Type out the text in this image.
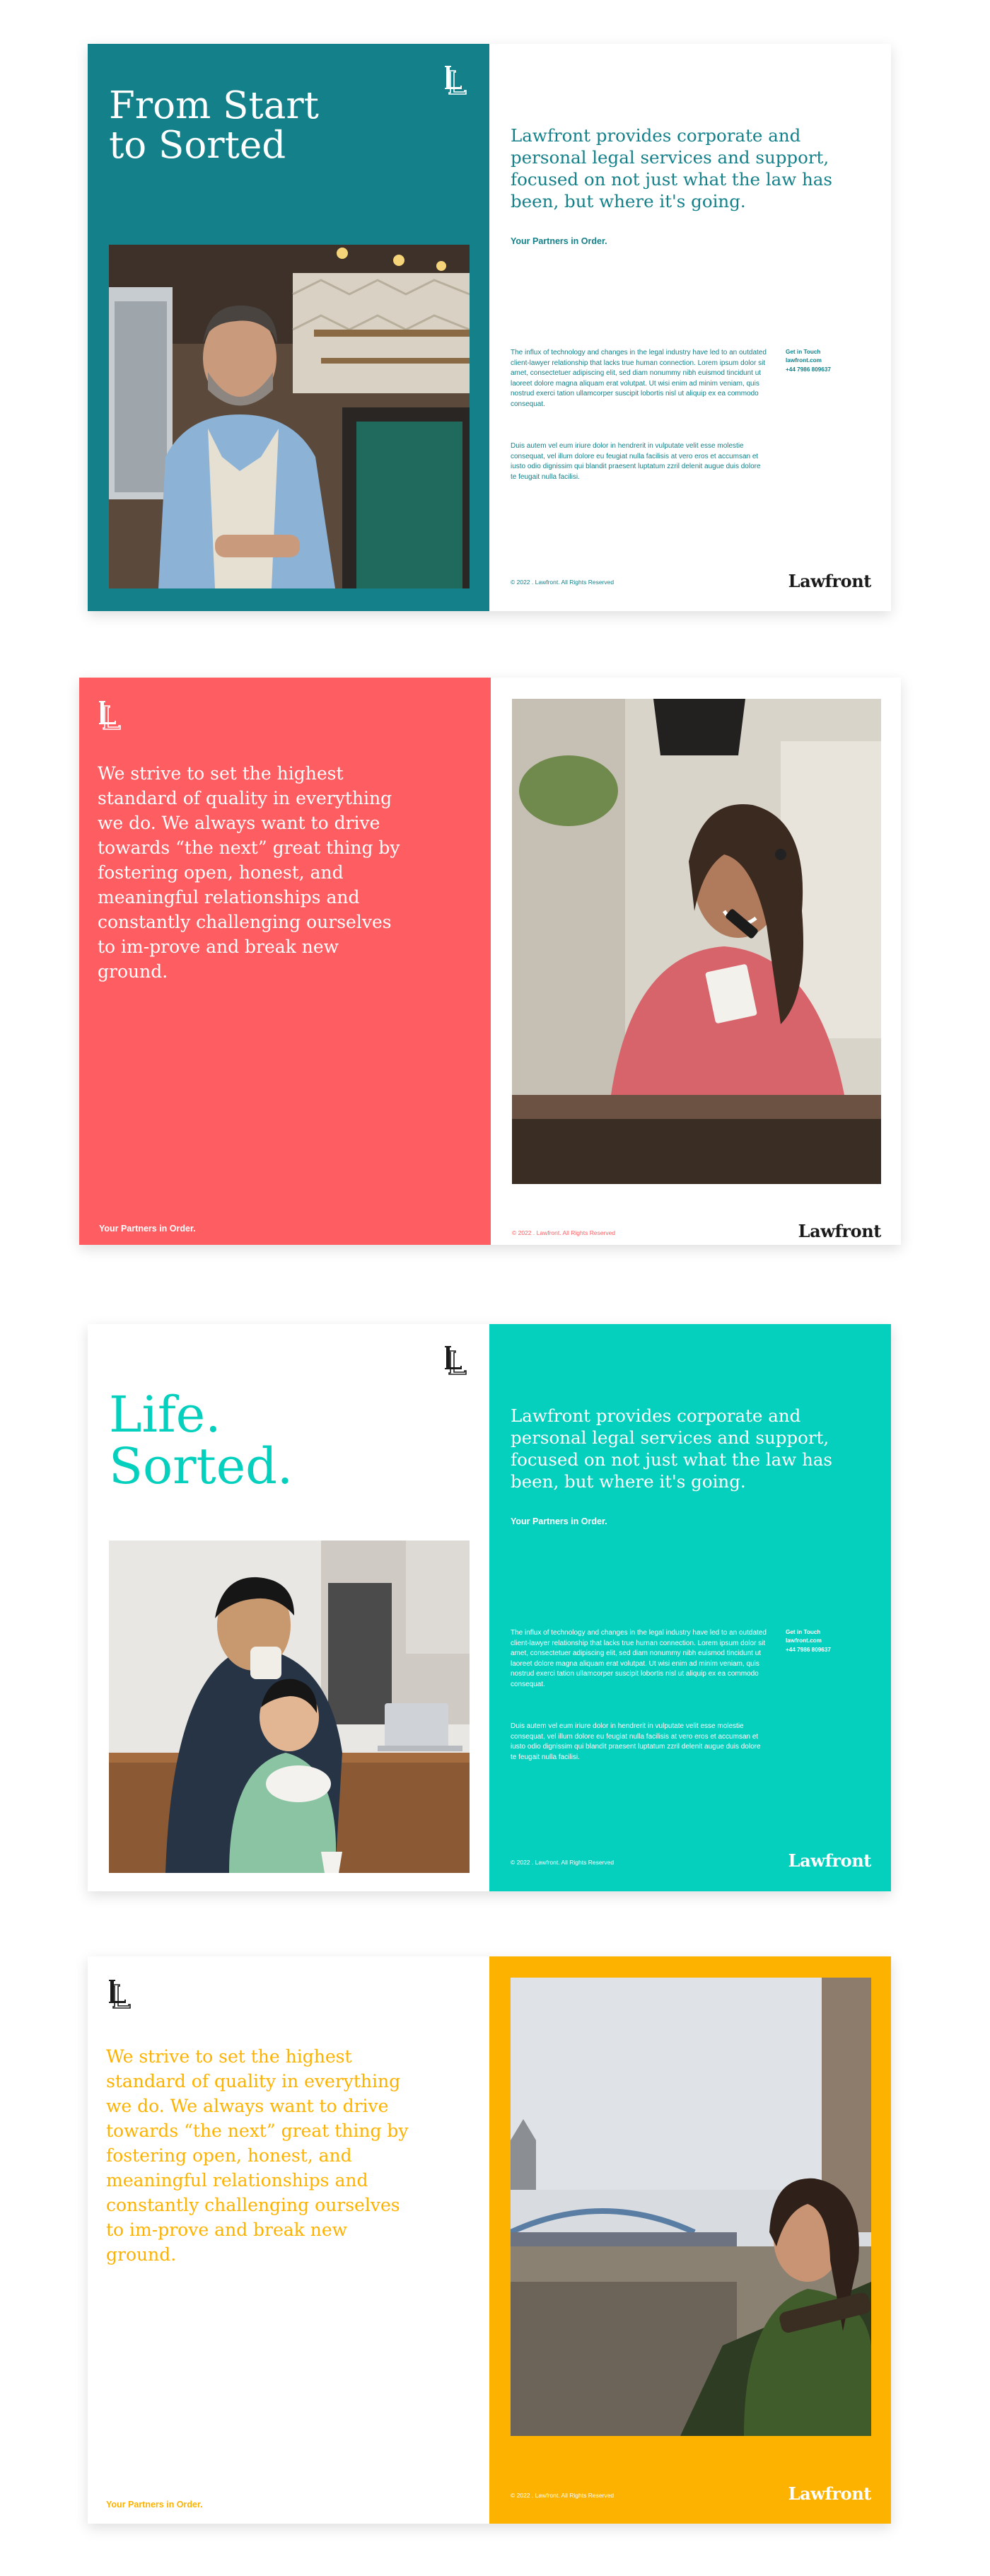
From Start to Sorted	Lawfront provides corporate and personal legal services and support, focused on not just what the law has been, but where it's going.

Your Partners in Order.

The influx of technology and changes in the legal industry have led to an outdated client-lawyer relationship that lacks true human connection. Lorem ipsum dolor sit amet, consectetuer adipiscing elit, sed diam nonummy nibh euismod tincidunt ut laoreet dolore magna aliquam erat volutpat. Ut wisi enim ad minim veniam, quis nostrud exerci tation ullamcorper suscipit lobortis nisl ut aliquip ex ea commodo consequat.

Duis autem vel eum iriure dolor in hendrerit in vulputate velit esse molestie consequat, vel illum dolore eu feugiat nulla facilisis at vero eros et accumsan et iusto odio dignissim qui blandit praesent luptatum zzril delenit augue duis dolore te feugait nulla facilisi.

Get in Touch
lawfront.com
+44 7986 809637
© 2022 . Lawfront. All Rights Reserved	Lawfront

We strive to set the highest standard of quality in everything we do. We always want to drive towards “the next” great thing by fostering open, honest, and meaningful relationships and constantly challenging ourselves to im-prove and break new ground.

Your Partners in Order.	© 2022 . Lawfront. All Rights Reserved	Lawfront
Life. Sorted.

Lawfront provides corporate and personal legal services and support, focused on not just what the law has been, but where it's going.

Your Partners in Order.

The influx of technology and changes in the legal industry have led to an outdated client-lawyer relationship that lacks true human connection. Lorem ipsum dolor sit amet, consectetuer adipiscing elit, sed diam nonummy nibh euismod tincidunt ut laoreet dolore magna aliquam erat volutpat. Ut wisi enim ad minim veniam, quis nostrud exerci tation ullamcorper suscipit lobortis nisl ut aliquip ex ea commodo consequat.

Duis autem vel eum iriure dolor in hendrerit in vulputate velit esse molestie consequat, vel illum dolore eu feugiat nulla facilisis at vero eros et accumsan et iusto odio dignissim qui blandit praesent luptatum zzril delenit augue duis dolore te feugait nulla facilisi.

Get in Touch
lawfront.com
+44 7986 809637
© 2022 . Lawfront. All Rights Reserved	Lawfront

We strive to set the highest standard of quality in everything we do. We always want to drive towards “the next” great thing by fostering open, honest, and meaningful relationships and constantly challenging ourselves to im-prove and break new ground.

Your Partners in Order.
© 2022 . Lawfront. All Rights Reserved	Lawfront
